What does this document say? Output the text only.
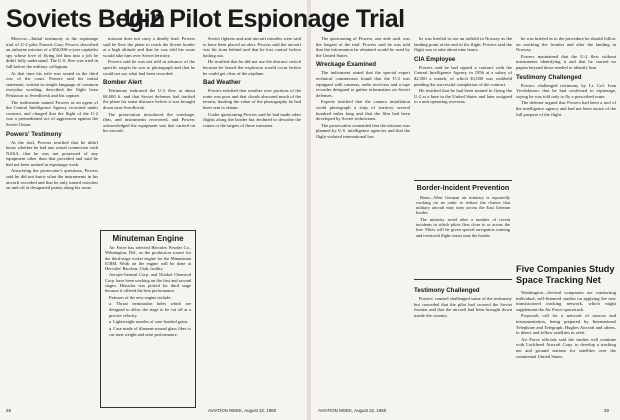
Soviets Begin
U-2 Pilot Espionage Trial

Moscow—Initial testimony at the espionage trial of U-2 pilot Francis Gary Powers described an airborne mission of a $50,000-a-year capitalist spy whose love of flying led him into a job he didn't fully understand. The U.S. flier was tried in full before the military collegium.

At that time his wife was seated in the third row of the court. Powers said his initial statement, written in simple language of common everyday wording, described the flight from Peshawar to Sverdlovsk and his capture.

The indictment named Powers as an agent of the Central Intelligence Agency recruited under contract, and charged that the flight of the U-2 was a premeditated act of aggression against the Soviet Union.

Powers' Testimony

At the trial, Powers testified that he didn't know whether he had any actual connection with NASA, that he was not possessed of any equipment other than that provided and said he had not been trained in espionage work.

Answering the prosecutor's questions, Powers said he did not know what the instruments in his aircraft recorded and that he only turned switches on and off at designated points along his route.

mission does not carry a deadly load. Powers said he flew the plane to reach the Soviet border at a high altitude and that he was told his route would take him over Soviet territory.

Powers said he was not told in advance of the specific targets he was to photograph and that he could not say what had been recorded.

Bomber Alert

Testimony indicated the U-2 flew at about 68,000 ft. and that Soviet defenses had tracked the plane for some distance before it was brought down near Sverdlovsk.

The prosecution introduced the wreckage, film, and instruments recovered, and Powers acknowledged the equipment was that carried on his aircraft.

Minuteman Engine

Air Force has selected Hercules Powder Co., Wilmington, Del., as the production source for the third-stage rocket engine for the Minuteman ICBM. Work on the engine will be done at Hercules' Bacchus, Utah, facility.

Aerojet-General Corp. and Thiokol Chemical Corp. have been working on the first and second stages. Hercules was picked for third stage because it offered the best performance.

Features of the new engine include:

● Thrust termination holes which are designed to allow the stage to be cut off at a precise velocity.
● Lightweight nozzles of case-bonded grain.
● Case made of filament-wound glass fiber to cut inert weight and raise performance.

Soviet fighters and anti-aircraft missiles were said to have been placed on alert. Powers said the aircraft was hit from behind and that he lost control before bailing out.

He testified that he did not use the destruct switch because he feared the explosion would occur before he could get clear of the airplane.

Bad Weather

Powers testified that weather over portions of the route was poor and that clouds obscured much of the terrain, limiting the value of the photography he had been sent to obtain.

Under questioning Powers said he had made other flights along the border but declined to describe the routes or the targets of those missions.

The questioning of Powers, one aide said, was the longest of the trial. Powers said he was told that the information he obtained would be used by the United States.

Wreckage Examined

The indictment stated that the special expert technical commission found that the U-2 was equipped with cameras, radio receivers and a tape recorder designed to gather information on Soviet defenses.

Experts testified that the camera installation could photograph a strip of territory several hundred miles long and that the film had been developed by Soviet technicians.

The prosecution contended that the mission was planned by U.S. intelligence agencies and that the flight violated international law.

he was briefed to use an airfield in Norway as the landing point at the end of his flight. Powers said the flight was to take about nine hours.

CIA Employee

Powers said he had signed a contract with the Central Intelligence Agency in 1956 at a salary of $2,500 a month, of which $1,000 was withheld pending the successful completion of the contract.

He testified that he had been trained in flying the U-2 at a base in the United States and later assigned to a unit operating overseas.

Border-Incident Prevention

Bonn—West German air ministry is reportedly working on an order to reduce the chance that military aircraft may stray across the East German border.

The ministry acted after a number of recent incidents in which pilots flew close to or across the line. Pilots will be given special navigation training and restricted flight routes near the border.

Testimony Challenged

Powers' counsel challenged some of the testimony but conceded that the pilot had crossed the Soviet frontier and that the aircraft had been brought down inside the country.

he was briefed as to the procedure he should follow on reaching the frontier and after the landing in Norway.

Powers maintained that the U-2 flew without instruments identifying it and that he carried no papers beyond those needed to identify him.

Testimony Challenged

Powers challenged testimony by Lt. Col. Ivan Yevdokimov that he had confessed to espionage, saying he was told only to fly a prescribed route.

The defense argued that Powers had been a tool of the intelligence agency and had not been aware of the full purpose of the flight.

Five Companies Study Space Tracking Net

Washington—Several companies are conducting individual, self-financed studies on applying the new transistorized tracking network, which might supplement the Air Force spacetrack.

Proposals call for a network of sensors and instrumentation, being prepared by International Telephone and Telegraph, Hughes Aircraft and others, to detect and follow satellites in orbit.

Air Force officials said the studies will continue with Lockheed Aircraft Corp. to develop a tracking net and ground stations for satellites over the continental United States.

28	AVIATION WEEK, August 22, 1960	AVIATION WEEK, August 22, 1960	29
